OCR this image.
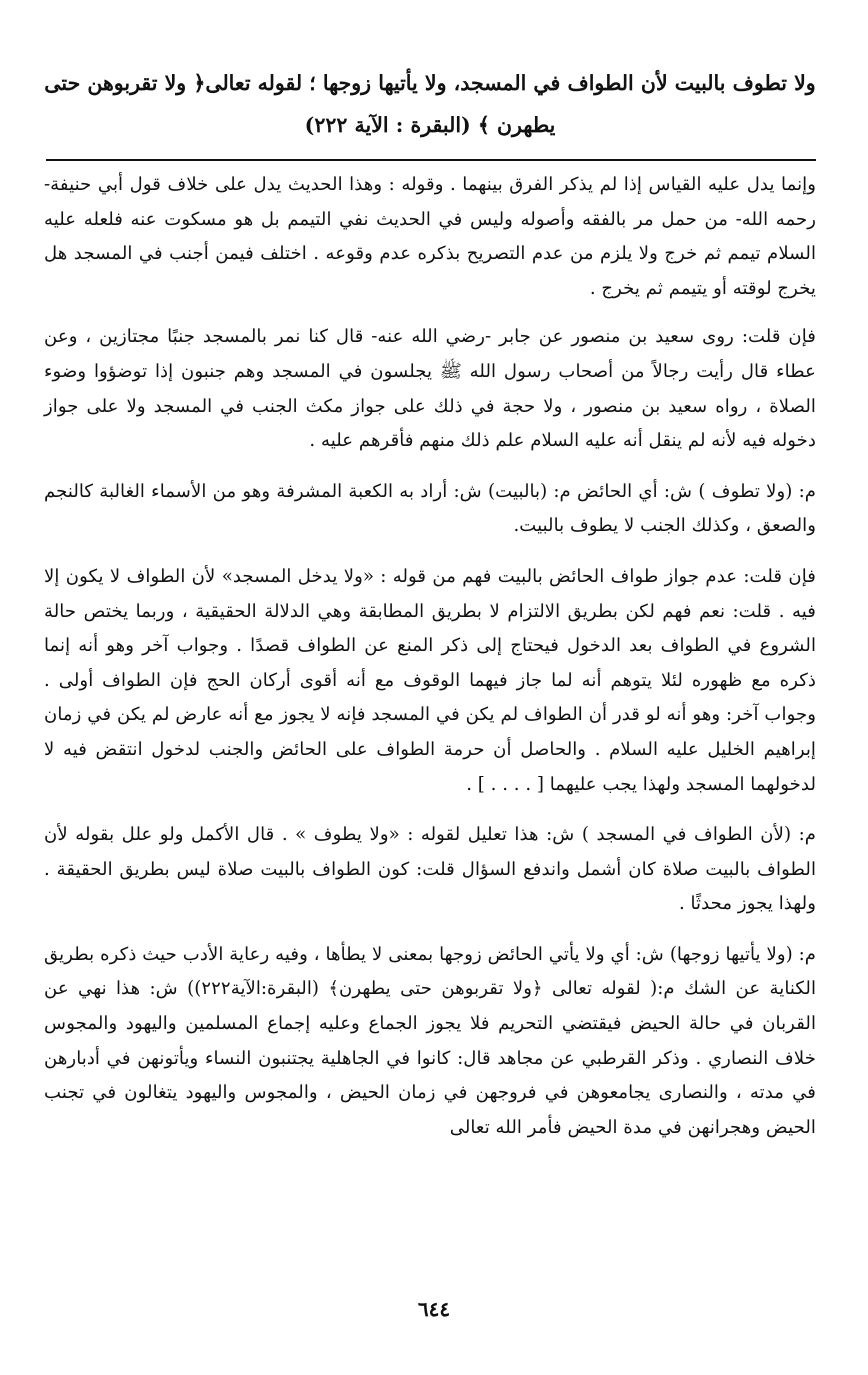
ولا تطوف بالبيت لأن الطواف في المسجد، ولا يأتيها زوجها ؛ لقوله تعالى﴿ ولا تقربوهن حتى
يطهرن ﴾ (البقرة : الآية ٢٢٢)

وإنما يدل عليه القياس إذا لم يذكر الفرق بينهما . وقوله : وهذا الحديث يدل على خلاف قول أبي حنيفة-رحمه الله- من حمل مر بالفقه وأصوله وليس في الحديث نفي التيمم بل هو مسكوت عنه فلعله عليه السلام تيمم ثم خرج ولا يلزم من عدم التصريح بذكره عدم وقوعه . اختلف فيمن أجنب في المسجد هل يخرج لوقته أو يتيمم ثم يخرج .

فإن قلت: روى سعيد بن منصور عن جابر -رضي الله عنه- قال كنا نمر بالمسجد جنبًا مجتازين ، وعن عطاء قال رأيت رجالاً من أصحاب رسول الله ﷺ يجلسون في المسجد وهم جنبون إذا توضؤوا وضوء الصلاة ، رواه سعيد بن منصور ، ولا حجة في ذلك على جواز مكث الجنب في المسجد ولا على جواز دخوله فيه لأنه لم ينقل أنه عليه السلام علم ذلك منهم فأقرهم عليه .

م: (ولا تطوف ) ش: أي الحائض م: (بالبيت) ش: أراد به الكعبة المشرفة وهو من الأسماء الغالبة كالنجم والصعق ، وكذلك الجنب لا يطوف بالبيت.

فإن قلت: عدم جواز طواف الحائض بالبيت فهم من قوله : «ولا يدخل المسجد» لأن الطواف لا يكون إلا فيه . قلت: نعم فهم لكن بطريق الالتزام لا بطريق المطابقة وهي الدلالة الحقيقية ، وربما يختص حالة الشروع في الطواف بعد الدخول فيحتاج إلى ذكر المنع عن الطواف قصدًا . وجواب آخر وهو أنه إنما ذكره مع ظهوره لئلا يتوهم أنه لما جاز فيهما الوقوف مع أنه أقوى أركان الحج فإن الطواف أولى . وجواب آخر: وهو أنه لو قدر أن الطواف لم يكن في المسجد فإنه لا يجوز مع أنه عارض لم يكن في زمان إبراهيم الخليل عليه السلام . والحاصل أن حرمة الطواف على الحائض والجنب لدخول انتقض فيه لا لدخولهما المسجد ولهذا يجب عليهما [ . . . . ] .

م: (لأن الطواف في المسجد ) ش: هذا تعليل لقوله : «ولا يطوف » . قال الأكمل ولو علل بقوله لأن الطواف بالبيت صلاة كان أشمل واندفع السؤال قلت: كون الطواف بالبيت صلاة ليس بطريق الحقيقة . ولهذا يجوز محدثًا .

م: (ولا يأتيها زوجها) ش: أي ولا يأتي الحائض زوجها بمعنى لا يطأها ، وفيه رعاية الأدب حيث ذكره بطريق الكناية عن الشك م:( لقوله تعالى ﴿ولا تقربوهن حتى يطهرن﴾ (البقرة:الآية٢٢٢)) ش: هذا نهي عن القربان في حالة الحيض فيقتضي التحريم فلا يجوز الجماع وعليه إجماع المسلمين واليهود والمجوس خلاف النصاري . وذكر القرطبي عن مجاهد قال: كانوا في الجاهلية يجتنبون النساء ويأتونهن في أدبارهن في مدته ، والنصارى يجامعوهن في فروجهن في زمان الحيض ، والمجوس واليهود يتغالون في تجنب الحيض وهجرانهن في مدة الحيض فأمر الله تعالى

٦٤٤
